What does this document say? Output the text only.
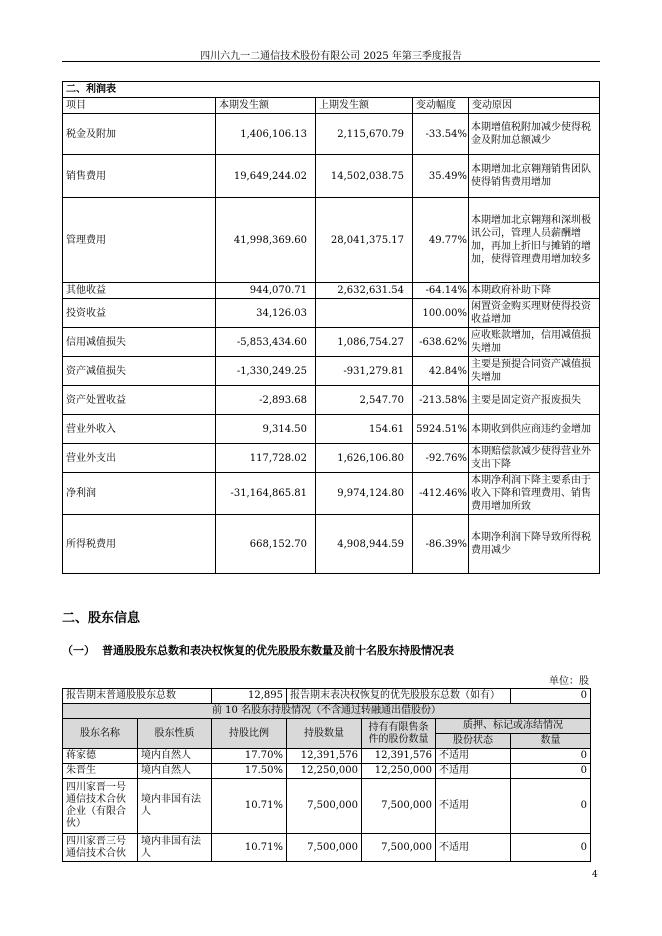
四川六九一二通信技术股份有限公司 2025 年第三季度报告
二、利润表				
项目	本期发生额	上期发生额	变动幅度	变动原因
税金及附加	1,406,106.13	2,115,670.79	-33.54%	本期增值税附加减少使得税金及附加总额减少
销售费用	19,649,244.02	14,502,038.75	35.49%	本期增加北京翱翔销售团队使得销售费用增加
管理费用	41,998,369.60	28,041,375.17	49.77%	本期增加北京翱翔和深圳极讯公司，管理人员薪酬增加，再加上折旧与摊销的增加，使得管理费用增加较多
其他收益	944,070.71	2,632,631.54	-64.14%	本期政府补助下降
投资收益	34,126.03		100.00%	闲置资金购买理财使得投资收益增加
信用减值损失	-5,853,434.60	1,086,754.27	-638.62%	应收账款增加，信用减值损失增加
资产减值损失	-1,330,249.25	-931,279.81	42.84%	主要是预提合同资产减值损失增加
资产处置收益	-2,893.68	2,547.70	-213.58%	主要是固定资产报废损失
营业外收入	9,314.50	154.61	5924.51%	本期收到供应商违约金增加
营业外支出	117,728.02	1,626,106.80	-92.76%	本期赔偿款减少使得营业外支出下降
净利润	-31,164,865.81	9,974,124.80	-412.46%	本期净利润下降主要系由于收入下降和管理费用、销售费用增加所致
所得税费用	668,152.70	4,908,944.59	-86.39%	本期净利润下降导致所得税费用减少
二、股东信息
（一） 普通股股东总数和表决权恢复的优先股股东数量及前十名股东持股情况表
单位：股
报告期末普通股股东总数		12,895	报告期末表决权恢复的优先股股东总数（如有）			0
前 10 名股东持股情况（不含通过转融通出借股份）						
股东名称	股东性质	持股比例	持股数量	持有有限售条件的股份数量	质押、标记或冻结情况	
					股份状态	数量
蒋家德	境内自然人	17.70%	12,391,576	12,391,576	不适用	0
朱晋生	境内自然人	17.50%	12,250,000	12,250,000	不适用	0
四川家晋一号通信技术合伙企业（有限合伙）	境内非国有法人	10.71%	7,500,000	7,500,000	不适用	0
四川家晋三号通信技术合伙	境内非国有法人	10.71%	7,500,000	7,500,000	不适用	0
4
